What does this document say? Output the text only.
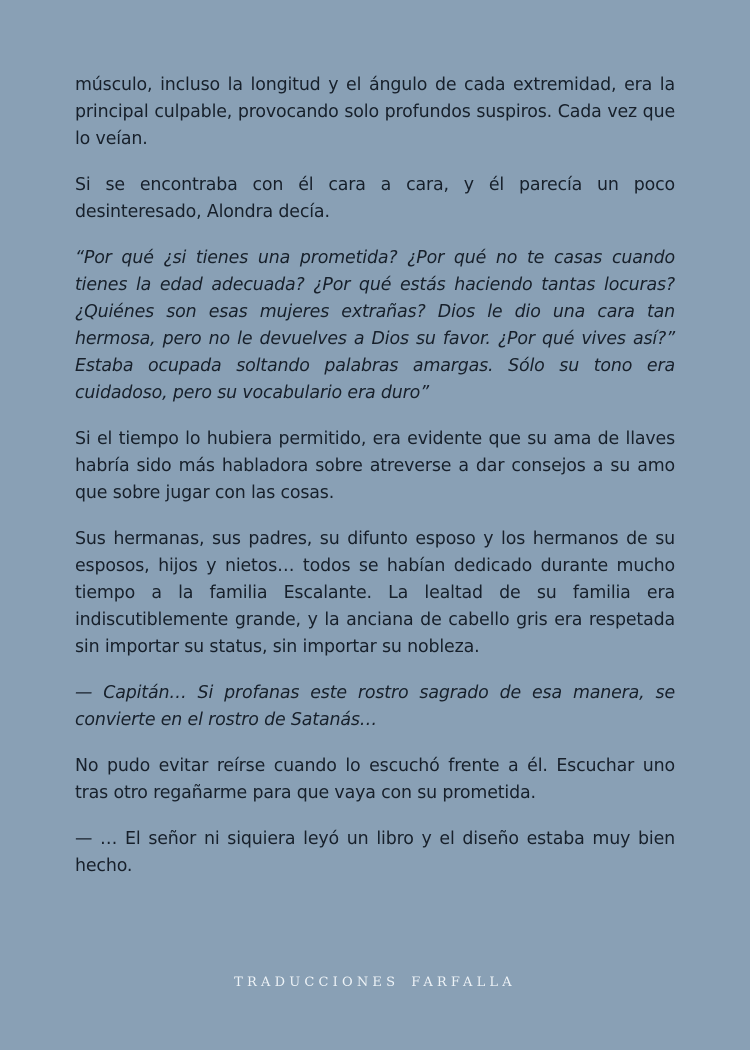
músculo, incluso la longitud y el ángulo de cada extremidad, era la principal culpable, provocando solo profundos suspiros. Cada vez que lo veían.

Si se encontraba con él cara a cara, y él parecía un poco desinteresado, Alondra decía.

“Por qué ¿si tienes una prometida? ¿Por qué no te casas cuando tienes la edad adecuada? ¿Por qué estás haciendo tantas locuras? ¿Quiénes son esas mujeres extrañas? Dios le dio una cara tan hermosa, pero no le devuelves a Dios su favor. ¿Por qué vives así?” Estaba ocupada soltando palabras amargas. Sólo su tono era cuidadoso, pero su vocabulario era duro”

Si el tiempo lo hubiera permitido, era evidente que su ama de llaves habría sido más habladora sobre atreverse a dar consejos a su amo que sobre jugar con las cosas.

Sus hermanas, sus padres, su difunto esposo y los hermanos de su esposos, hijos y nietos… todos se habían dedicado durante mucho tiempo a la familia Escalante. La lealtad de su familia era indiscutiblemente grande, y la anciana de cabello gris era respetada sin importar su status, sin importar su nobleza.

— Capitán… Si profanas este rostro sagrado de esa manera, se convierte en el rostro de Satanás…

No pudo evitar reírse cuando lo escuchó frente a él. Escuchar uno tras otro regañarme para que vaya con su prometida.

— … El señor ni siquiera leyó un libro y el diseño estaba muy bien hecho.

TRADUCCIONES FARFALLA
